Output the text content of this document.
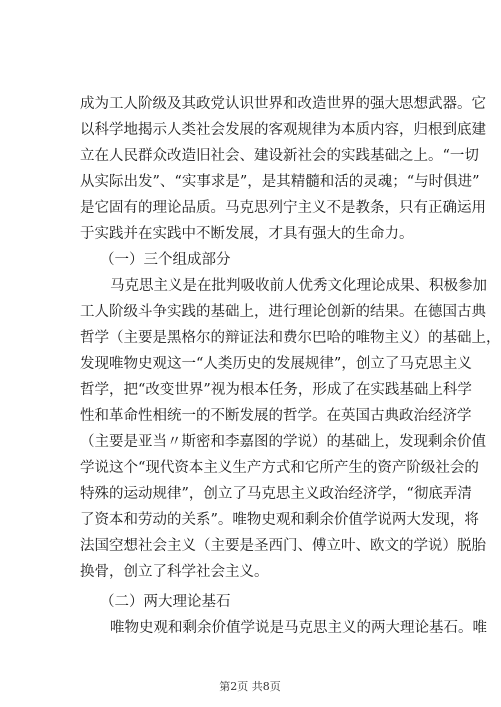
成为工人阶级及其政党认识世界和改造世界的强大思想武器。它
以科学地揭示人类社会发展的客观规律为本质内容，归根到底建
立在人民群众改造旧社会、建设新社会的实践基础之上。“一切
从实际出发”、“实事求是”，是其精髓和活的灵魂；“与时俱进”
是它固有的理论品质。马克思列宁主义不是教条，只有正确运用
于实践并在实践中不断发展，才具有强大的生命力。
（一）三个组成部分
马克思主义是在批判吸收前人优秀文化理论成果、积极参加
工人阶级斗争实践的基础上，进行理论创新的结果。在德国古典
哲学（主要是黑格尔的辩证法和费尔巴哈的唯物主义）的基础上，
发现唯物史观这一“人类历史的发展规律”，创立了马克思主义
哲学，把“改变世界”视为根本任务，形成了在实践基础上科学
性和革命性相统一的不断发展的哲学。在英国古典政治经济学
（主要是亚当〃斯密和李嘉图的学说）的基础上，发现剩余价值
学说这个“现代资本主义生产方式和它所产生的资产阶级社会的
特殊的运动规律”，创立了马克思主义政治经济学，“彻底弄清
了资本和劳动的关系”。唯物史观和剩余价值学说两大发现，将
法国空想社会主义（主要是圣西门、傅立叶、欧文的学说）脱胎
换骨，创立了科学社会主义。
（二）两大理论基石
唯物史观和剩余价值学说是马克思主义的两大理论基石。唯
第2页 共8页
